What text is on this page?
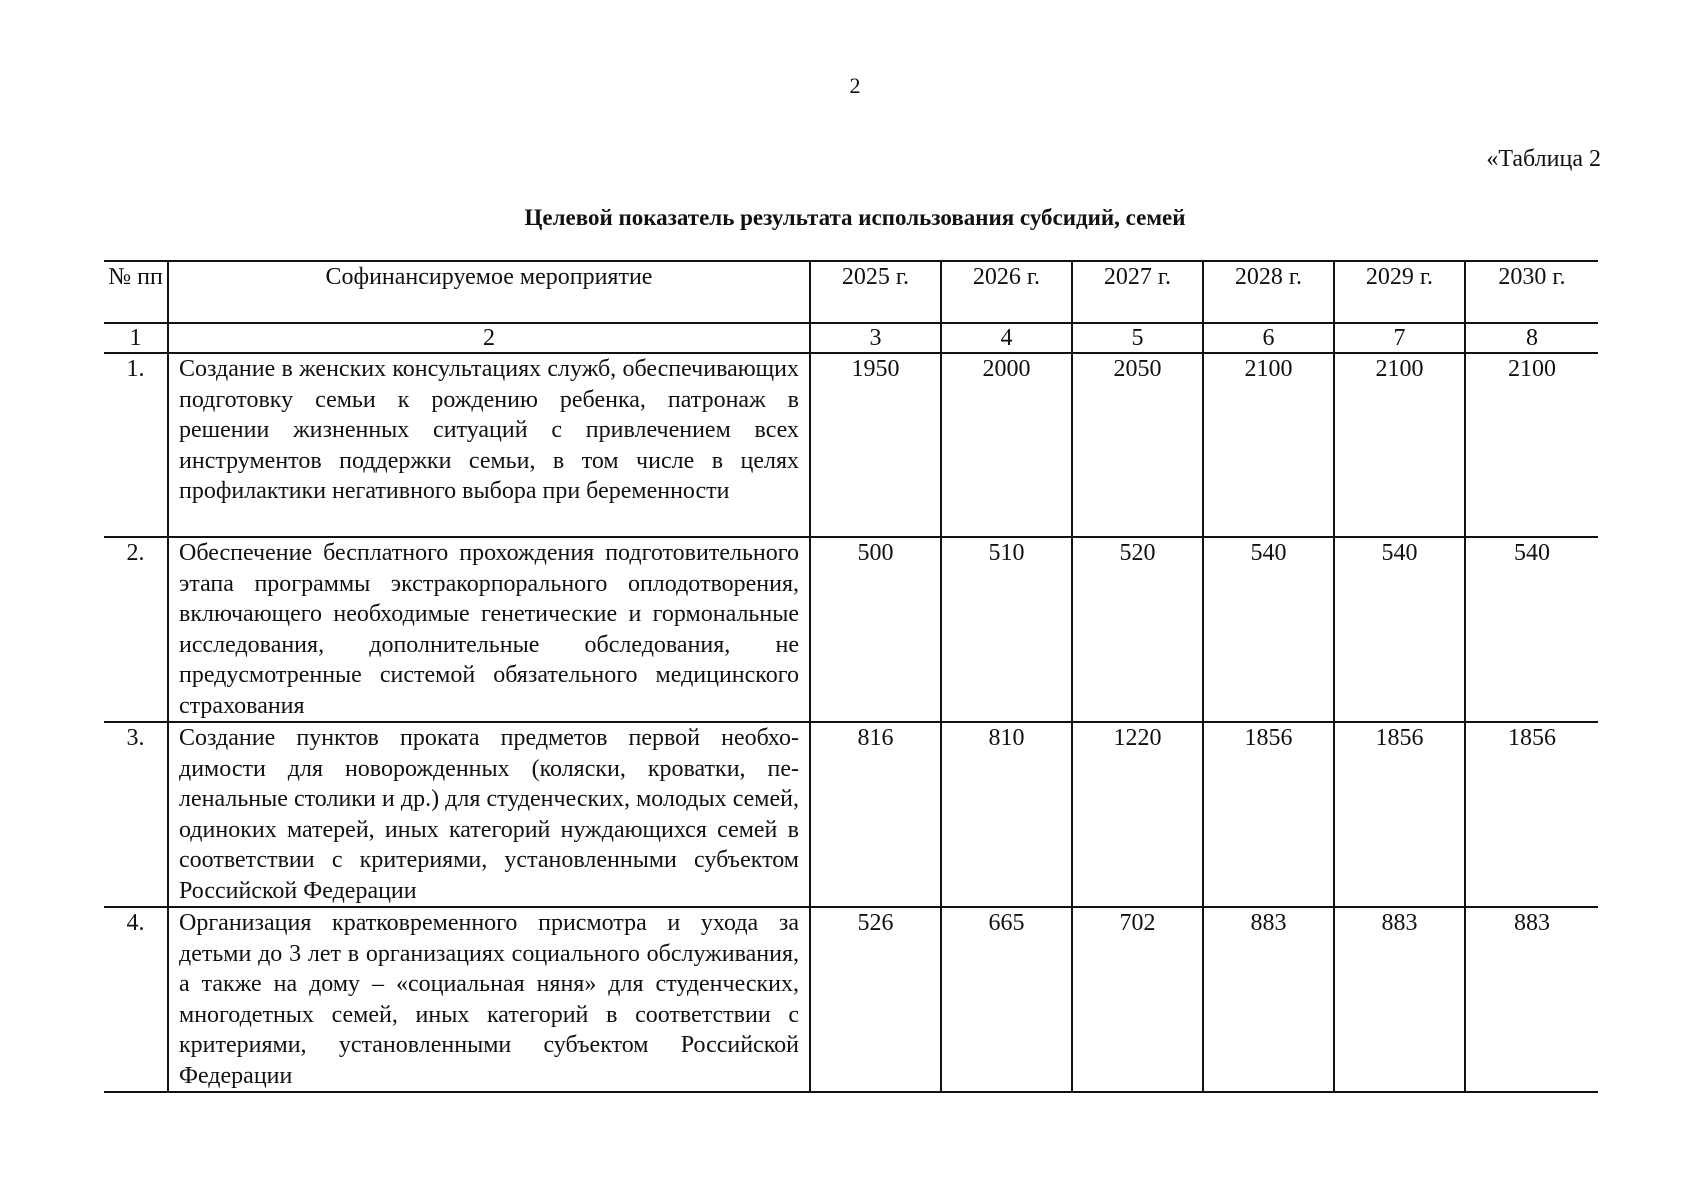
2
«Таблица 2
Целевой показатель результата использования субсидий, семей
№ пп	Софинансируемое мероприятие	2025 г.	2026 г.	2027 г.	2028 г.	2029 г.	2030 г.
1	2	3	4	5	6	7	8
1.	Создание в женских консультациях служб, обеспечивающих подготовку семьи к рождению ребенка, патронаж в решении жизненных ситуаций с привлечением всех инструментов поддержки семьи, в том числе в целях профилактики негативного выбора при беременности	1950	2000	2050	2100	2100	2100
2.	Обеспечение бесплатного прохождения подготовительного этапа программы экстракорпорального оплодотворения, включающего необходимые генетические и гормональные исследования, дополнительные обследования, не предусмотренные системой обязательного медицинского страхования	500	510	520	540	540	540
3.	Создание пунктов проката предметов первой необходимости для новорожденных (коляски, кроватки, пеленальные столики и др.) для студенческих, молодых семей, одиноких матерей, иных категорий нуждающихся семей в соответствии с критериями, установленными субъектом Российской Федерации	816	810	1220	1856	1856	1856
4.	Организация кратковременного присмотра и ухода за детьми до 3 лет в организациях социального обслуживания, а также на дому – «социальная няня» для студенческих, многодетных семей, иных категорий в соответствии с критериями, установленными субъектом Российской Федерации	526	665	702	883	883	883
